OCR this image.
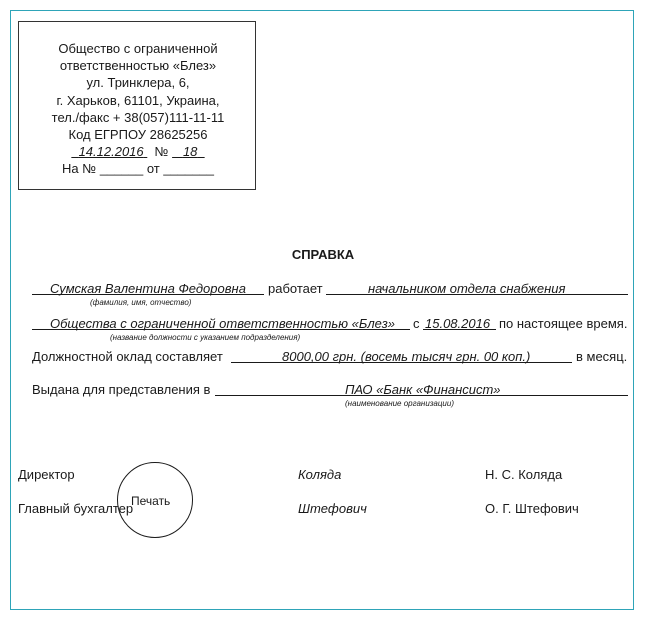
Общество с ограниченной
ответственностью «Блез»
ул. Тринклера, 6,
г. Харьков, 61101, Украина,
тел./факс + 38(057)111-11-11
Код ЕГРПОУ 28625256
14.12.2016 № 18
На № ______ от _______
СПРАВКА
Сумская Валентина Федоровна работает	начальником отдела снабжения
(фамилия, имя, отчество)
Общества с ограниченной ответственностью «Блез» с 15.08.2016 по настоящее время.
(название должности с указанием подразделения)
Должностной оклад составляет	8000,00 грн. (восемь тысяч грн. 00 коп.)	в месяц.
Выдана для представления в	ПАО «Банк «Финансист»
(наименование организации)
Директор	Коляда	Н. С. Коляда
Главный бухгалтер	Штефович	О. Г. Штефович
Печать
